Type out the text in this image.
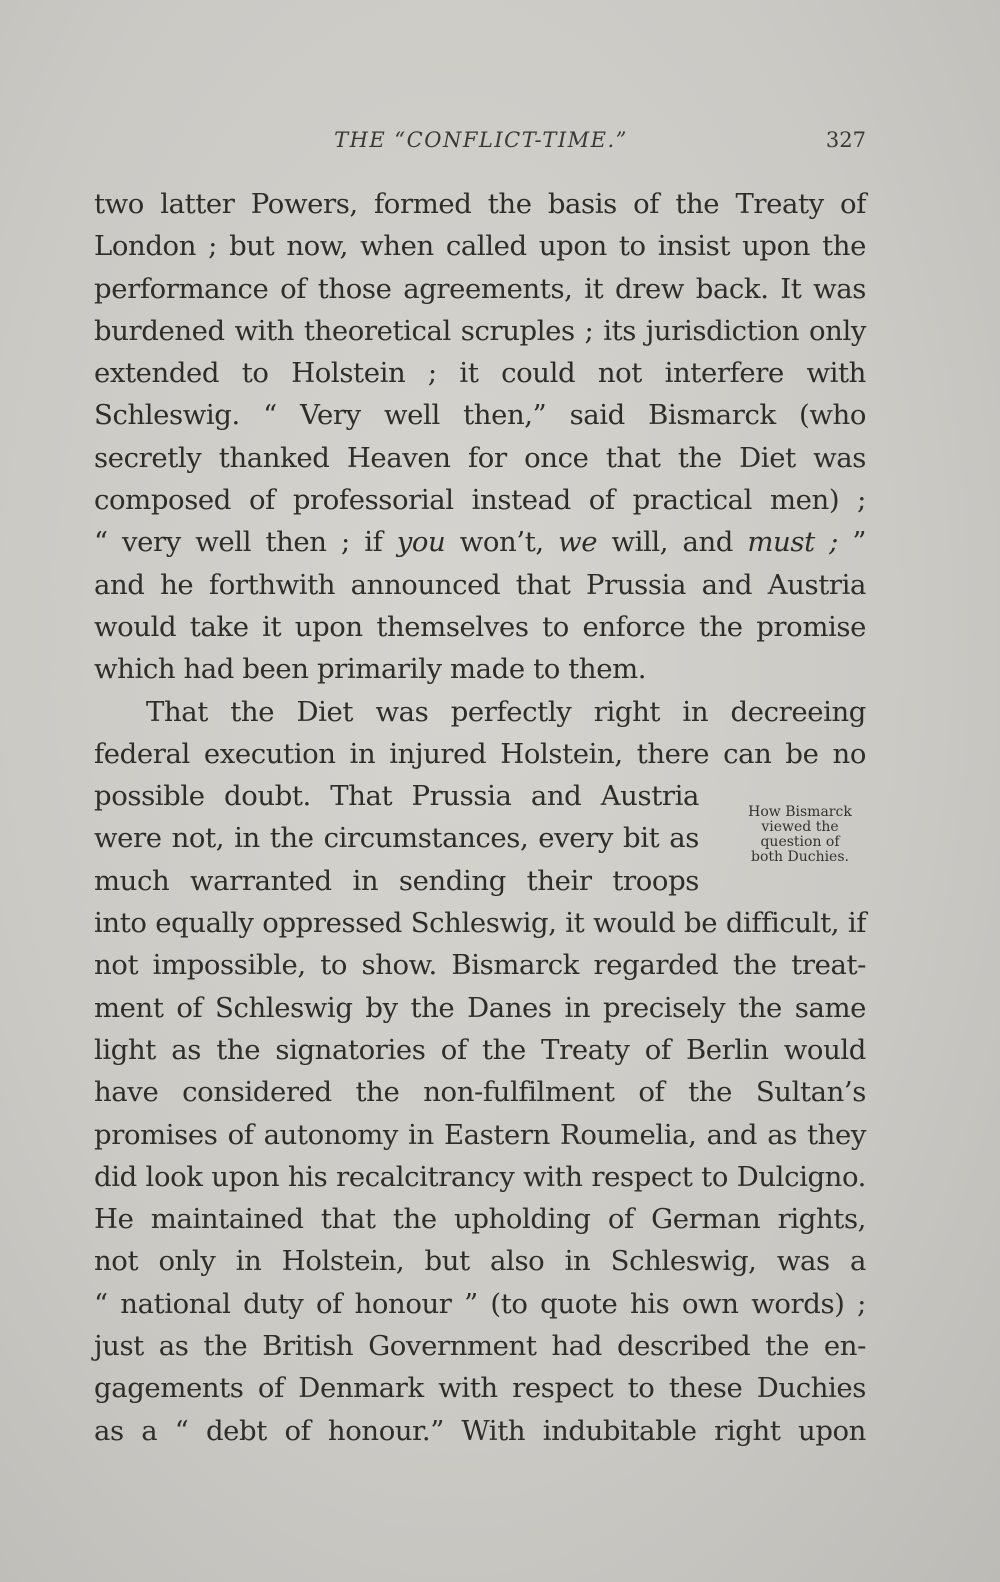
THE “CONFLICT-TIME.”	327
two latter Powers, formed the basis of the Treaty of
London ; but now, when called upon to insist upon the
performance of those agreements, it drew back. It was
burdened with theoretical scruples ; its jurisdiction only
extended to Holstein ; it could not interfere with
Schleswig. “ Very well then,” said Bismarck (who
secretly thanked Heaven for once that the Diet was
composed of professorial instead of practical men) ;
“ very well then ; if you won’t, we will, and must ; ”
and he forthwith announced that Prussia and Austria
would take it upon themselves to enforce the promise
which had been primarily made to them.
That the Diet was perfectly right in decreeing
federal execution in injured Holstein, there can be no
possible doubt. That Prussia and Austria
were not, in the circumstances, every bit as
much warranted in sending their troops
into equally oppressed Schleswig, it would be difficult, if
not impossible, to show. Bismarck regarded the treat-
ment of Schleswig by the Danes in precisely the same
light as the signatories of the Treaty of Berlin would
have considered the non-fulfilment of the Sultan’s
promises of autonomy in Eastern Roumelia, and as they
did look upon his recalcitrancy with respect to Dulcigno.
He maintained that the upholding of German rights,
not only in Holstein, but also in Schleswig, was a
“ national duty of honour ” (to quote his own words) ;
just as the British Government had described the en-
gagements of Denmark with respect to these Duchies
as a “ debt of honour.” With indubitable right upon
How Bismarck
viewed the
question of
both Duchies.
